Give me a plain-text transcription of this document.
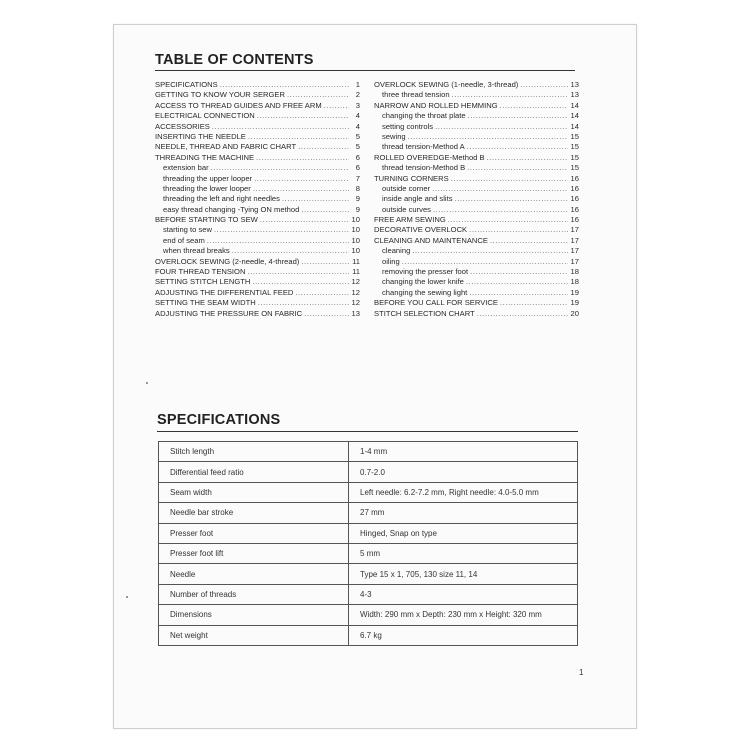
TABLE OF CONTENTS
SPECIFICATIONS .....	1
GETTING TO KNOW YOUR SERGER .....	2
ACCESS TO THREAD GUIDES AND FREE ARM .....	3
ELECTRICAL CONNECTION .....	4
ACCESSORIES .....	4
INSERTING THE NEEDLE .....	5
NEEDLE, THREAD AND FABRIC CHART .....	5
THREADING THE MACHINE .....	6
extension bar .....	6
threading the upper looper .....	7
threading the lower looper .....	8
threading the left and right needles .....	9
easy thread changing -Tying ON method .....	9
BEFORE STARTING TO SEW .....	10
starting to sew .....	10
end of seam .....	10
when thread breaks .....	10
OVERLOCK SEWING (2-needle, 4-thread) .....	11
FOUR THREAD TENSION .....	11
SETTING STITCH LENGTH .....	12
ADJUSTING THE DIFFERENTIAL FEED .....	12
SETTING THE SEAM WIDTH .....	12
ADJUSTING THE PRESSURE ON FABRIC .....	13
OVERLOCK SEWING (1-needle, 3-thread) .....	13
three thread tension .....	13
NARROW AND ROLLED HEMMING .....	14
changing the throat plate .....	14
setting controls .....	14
sewing .....	15
thread tension-Method A .....	15
ROLLED OVEREDGE-Method B .....	15
thread tension-Method B .....	15
TURNING CORNERS .....	16
outside corner .....	16
inside angle and slits .....	16
outside curves .....	16
FREE ARM SEWING .....	16
DECORATIVE OVERLOCK .....	17
CLEANING AND MAINTENANCE .....	17
cleaning .....	17
oiling .....	17
removing the presser foot .....	18
changing the lower knife .....	18
changing the sewing light .....	19
BEFORE YOU CALL FOR SERVICE .....	19
STITCH SELECTION CHART .....	20
SPECIFICATIONS
Stitch length	1-4 mm
Differential feed ratio	0.7-2.0
Seam width	Left needle: 6.2-7.2 mm, Right needle: 4.0-5.0 mm
Needle bar stroke	27 mm
Presser foot	Hinged, Snap on type
Presser foot lift	5 mm
Needle	Type 15 x 1, 705, 130 size 11, 14
Number of threads	4-3
Dimensions	Width: 290 mm x Depth: 230 mm x Height: 320 mm
Net weight	6.7 kg
1
